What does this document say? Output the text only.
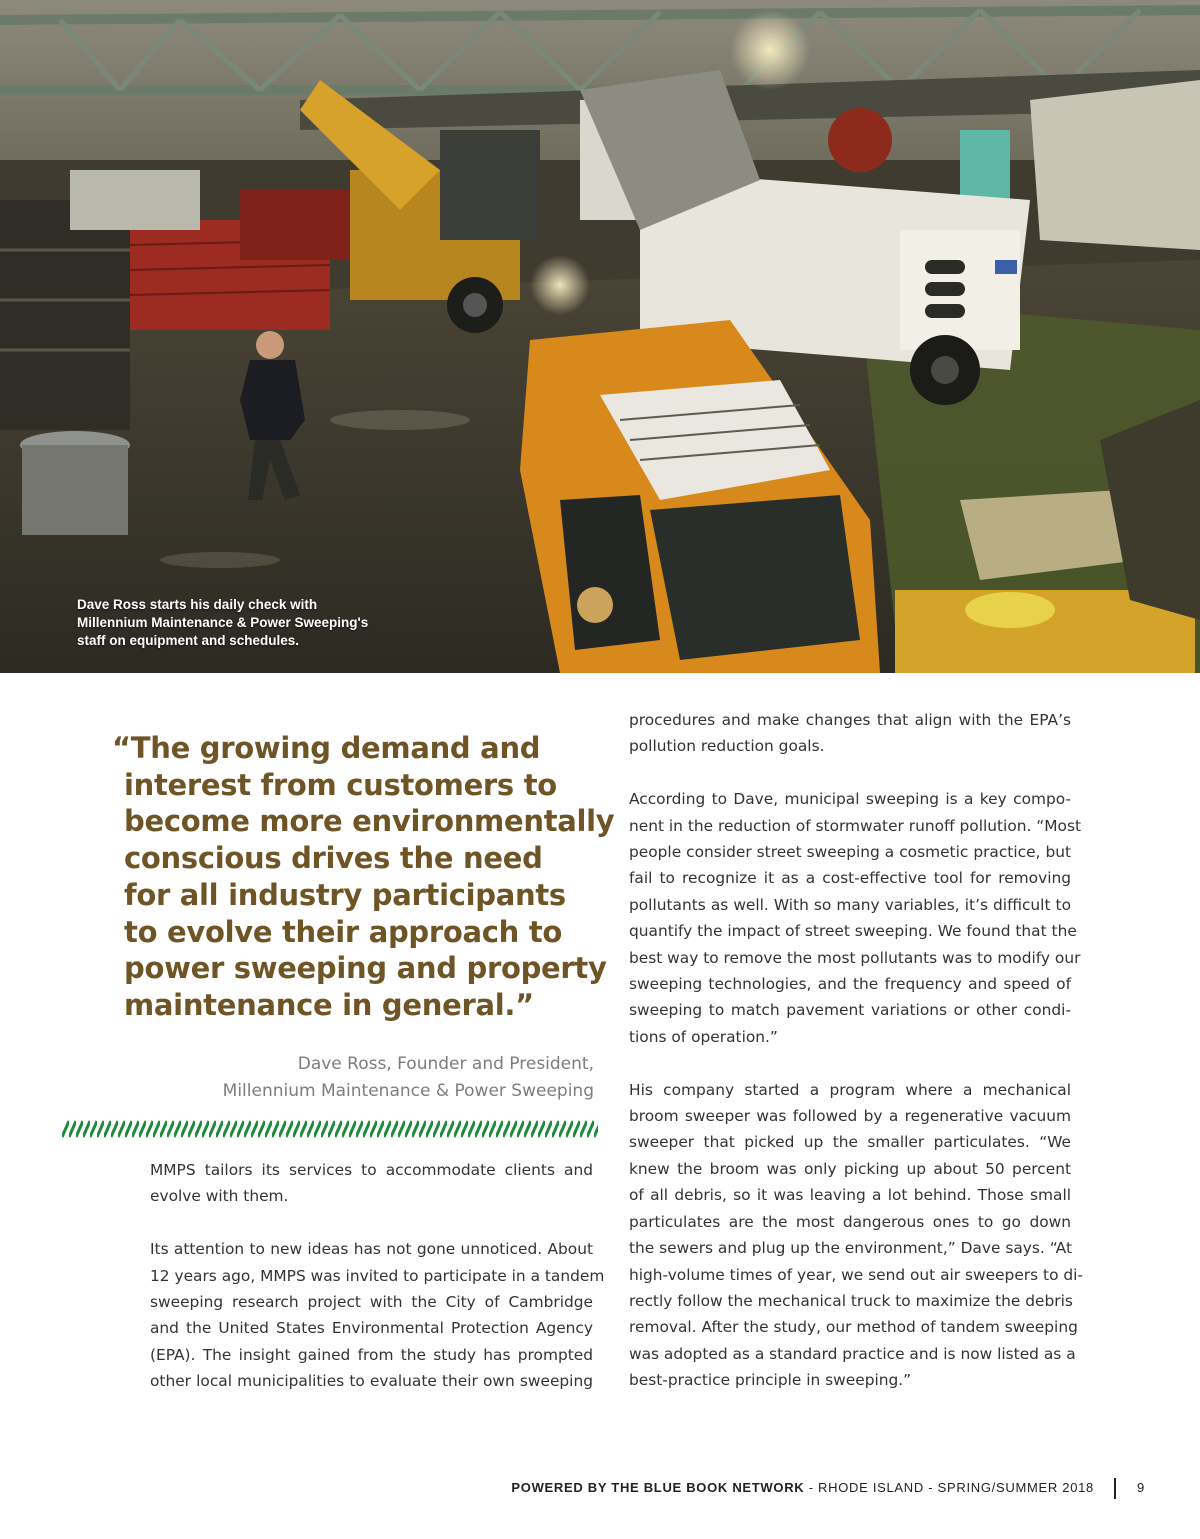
Dave Ross starts his daily check with
Millennium Maintenance & Power Sweeping's
staff on equipment and schedules.
“The growing demand and
interest from customers to
become more environmentally
conscious drives the need
for all industry participants
to evolve their approach to
power sweeping and property
maintenance in general.”
Dave Ross, Founder and President,
Millennium Maintenance & Power Sweeping

MMPS tailors its services to accommodate clients and
evolve with them.

Its attention to new ideas has not gone unnoticed. About
12 years ago, MMPS was invited to participate in a tandem
sweeping research project with the City of Cambridge
and the United States Environmental Protection Agency
(EPA). The insight gained from the study has prompted
other local municipalities to evaluate their own sweeping

procedures and make changes that align with the EPA’s
pollution reduction goals.

According to Dave, municipal sweeping is a key compo-
nent in the reduction of stormwater runoff pollution. “Most
people consider street sweeping a cosmetic practice, but
fail to recognize it as a cost-effective tool for removing
pollutants as well. With so many variables, it’s difficult to
quantify the impact of street sweeping. We found that the
best way to remove the most pollutants was to modify our
sweeping technologies, and the frequency and speed of
sweeping to match pavement variations or other condi-
tions of operation.”

His company started a program where a mechanical
broom sweeper was followed by a regenerative vacuum
sweeper that picked up the smaller particulates. “We
knew the broom was only picking up about 50 percent
of all debris, so it was leaving a lot behind. Those small
particulates are the most dangerous ones to go down
the sewers and plug up the environment,” Dave says. “At
high-volume times of year, we send out air sweepers to di-
rectly follow the mechanical truck to maximize the debris
removal. After the study, our method of tandem sweeping
was adopted as a standard practice and is now listed as a
best-practice principle in sweeping.”

POWERED BY THE BLUE BOOK NETWORK - RHODE ISLAND - SPRING/SUMMER 2018	9
